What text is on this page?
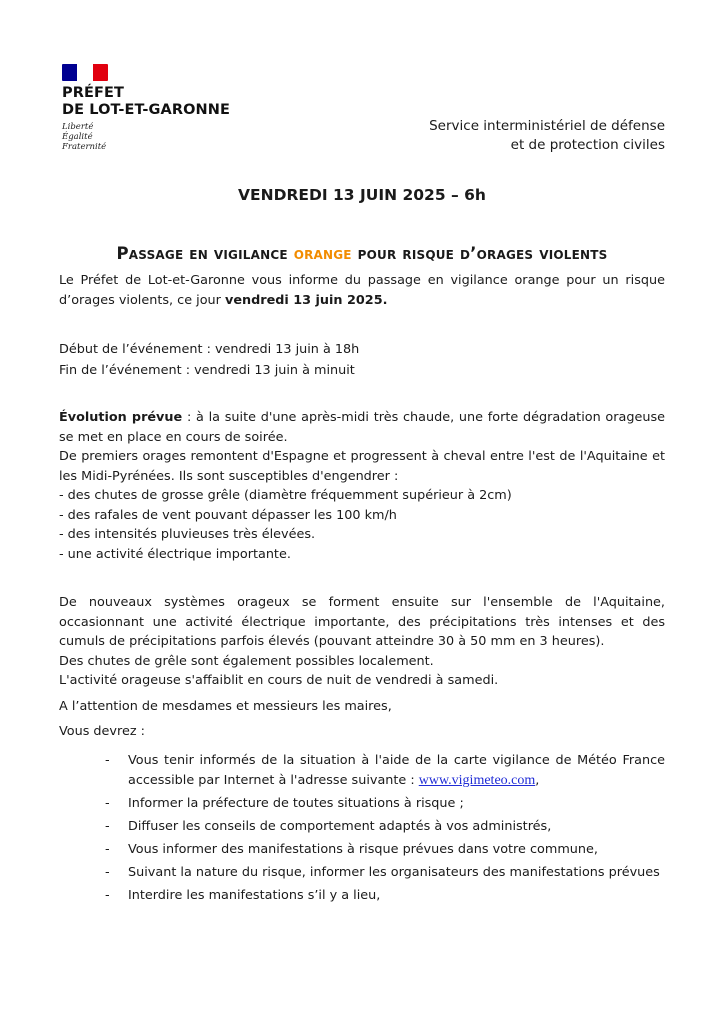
PRÉFET
DE LOT-ET-GARONNE
Liberté
Égalité
Fraternité
Service interministériel de défense
et de protection civiles
VENDREDI 13 JUIN 2025 – 6h
Passage en vigilance orange pour risque d’orages violents

Le Préfet de Lot-et-Garonne vous informe du passage en vigilance orange pour un risque d’orages violents, ce jour vendredi 13 juin 2025.

Début de l’événement : vendredi 13 juin à 18h

Fin de l’événement : vendredi 13 juin à minuit

Évolution prévue : à la suite d'une après-midi très chaude, une forte dégradation orageuse se met en place en cours de soirée.

De premiers orages remontent d'Espagne et progressent à cheval entre l'est de l'Aquitaine et les Midi-Pyrénées. Ils sont susceptibles d'engendrer :

- des chutes de grosse grêle (diamètre fréquemment supérieur à 2cm)

- des rafales de vent pouvant dépasser les 100 km/h

- des intensités pluvieuses très élevées.

- une activité électrique importante.

De nouveaux systèmes orageux se forment ensuite sur l'ensemble de l'Aquitaine, occasionnant une activité électrique importante, des précipitations très intenses et des cumuls de précipitations parfois élevés (pouvant atteindre 30 à 50 mm en 3 heures).

Des chutes de grêle sont également possibles localement.

L'activité orageuse s'affaiblit en cours de nuit de vendredi à samedi.

A l’attention de mesdames et messieurs les maires,

Vous devrez :

- Vous tenir informés de la situation à l'aide de la carte vigilance de Météo France accessible par Internet à l'adresse suivante : www.vigimeteo.com,
- Informer la préfecture de toutes situations à risque ;
- Diffuser les conseils de comportement adaptés à vos administrés,
- Vous informer des manifestations à risque prévues dans votre commune,
- Suivant la nature du risque, informer les organisateurs des manifestations prévues
- Interdire les manifestations s’il y a lieu,
